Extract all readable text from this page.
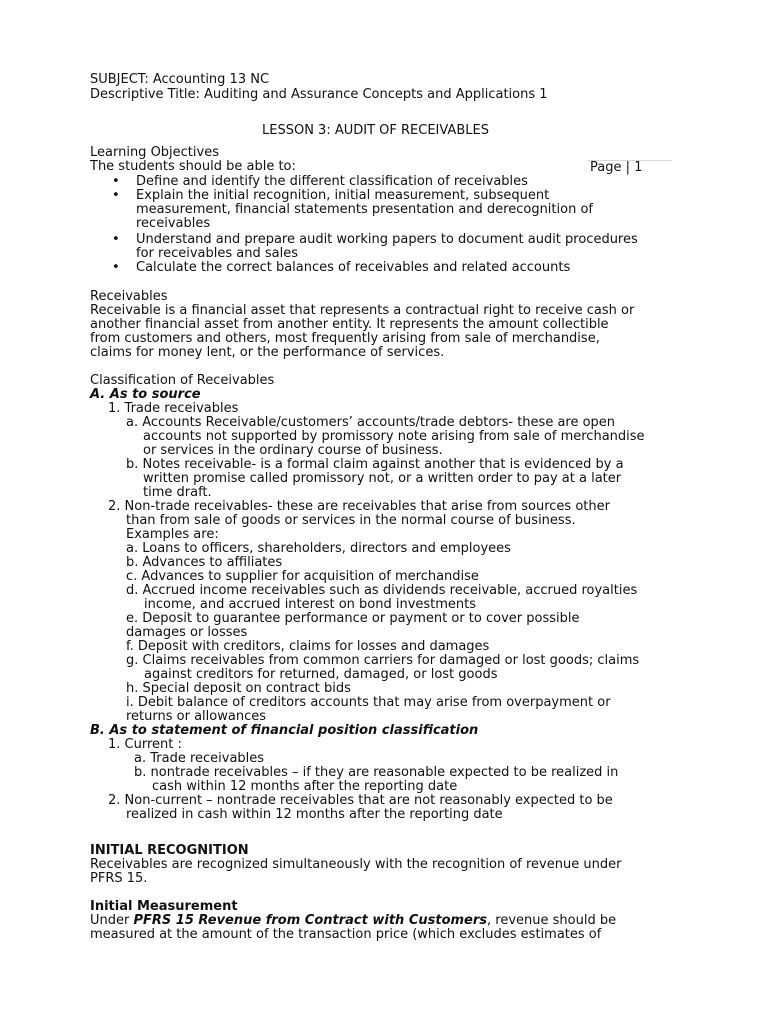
SUBJECT: Accounting 13 NC
Descriptive Title: Auditing and Assurance Concepts and Applications 1
LESSON 3: AUDIT OF RECEIVABLES
Learning Objectives
The students should be able to:	Page | 1
• Define and identify the different classification of receivables
• Explain the initial recognition, initial measurement, subsequent
measurement, financial statements presentation and derecognition of
receivables
• Understand and prepare audit working papers to document audit procedures
for receivables and sales
• Calculate the correct balances of receivables and related accounts
Receivables
Receivable is a financial asset that represents a contractual right to receive cash or
another financial asset from another entity. It represents the amount collectible
from customers and others, most frequently arising from sale of merchandise,
claims for money lent, or the performance of services.
Classification of Receivables
A. As to source
1. Trade receivables
a. Accounts Receivable/customers’ accounts/trade debtors- these are open
accounts not supported by promissory note arising from sale of merchandise
or services in the ordinary course of business.
b. Notes receivable- is a formal claim against another that is evidenced by a
written promise called promissory not, or a written order to pay at a later
time draft.
2. Non-trade receivables- these are receivables that arise from sources other
than from sale of goods or services in the normal course of business.
Examples are:
a. Loans to officers, shareholders, directors and employees
b. Advances to affiliates
c. Advances to supplier for acquisition of merchandise
d. Accrued income receivables such as dividends receivable, accrued royalties
income, and accrued interest on bond investments
e. Deposit to guarantee performance or payment or to cover possible
damages or losses
f. Deposit with creditors, claims for losses and damages
g. Claims receivables from common carriers for damaged or lost goods; claims
against creditors for returned, damaged, or lost goods
h. Special deposit on contract bids
i. Debit balance of creditors accounts that may arise from overpayment or
returns or allowances
B. As to statement of financial position classification
1. Current :
a. Trade receivables
b. nontrade receivables – if they are reasonable expected to be realized in
cash within 12 months after the reporting date
2. Non-current – nontrade receivables that are not reasonably expected to be
realized in cash within 12 months after the reporting date
INITIAL RECOGNITION
Receivables are recognized simultaneously with the recognition of revenue under
PFRS 15.
Initial Measurement
Under PFRS 15 Revenue from Contract with Customers, revenue should be
measured at the amount of the transaction price (which excludes estimates of
